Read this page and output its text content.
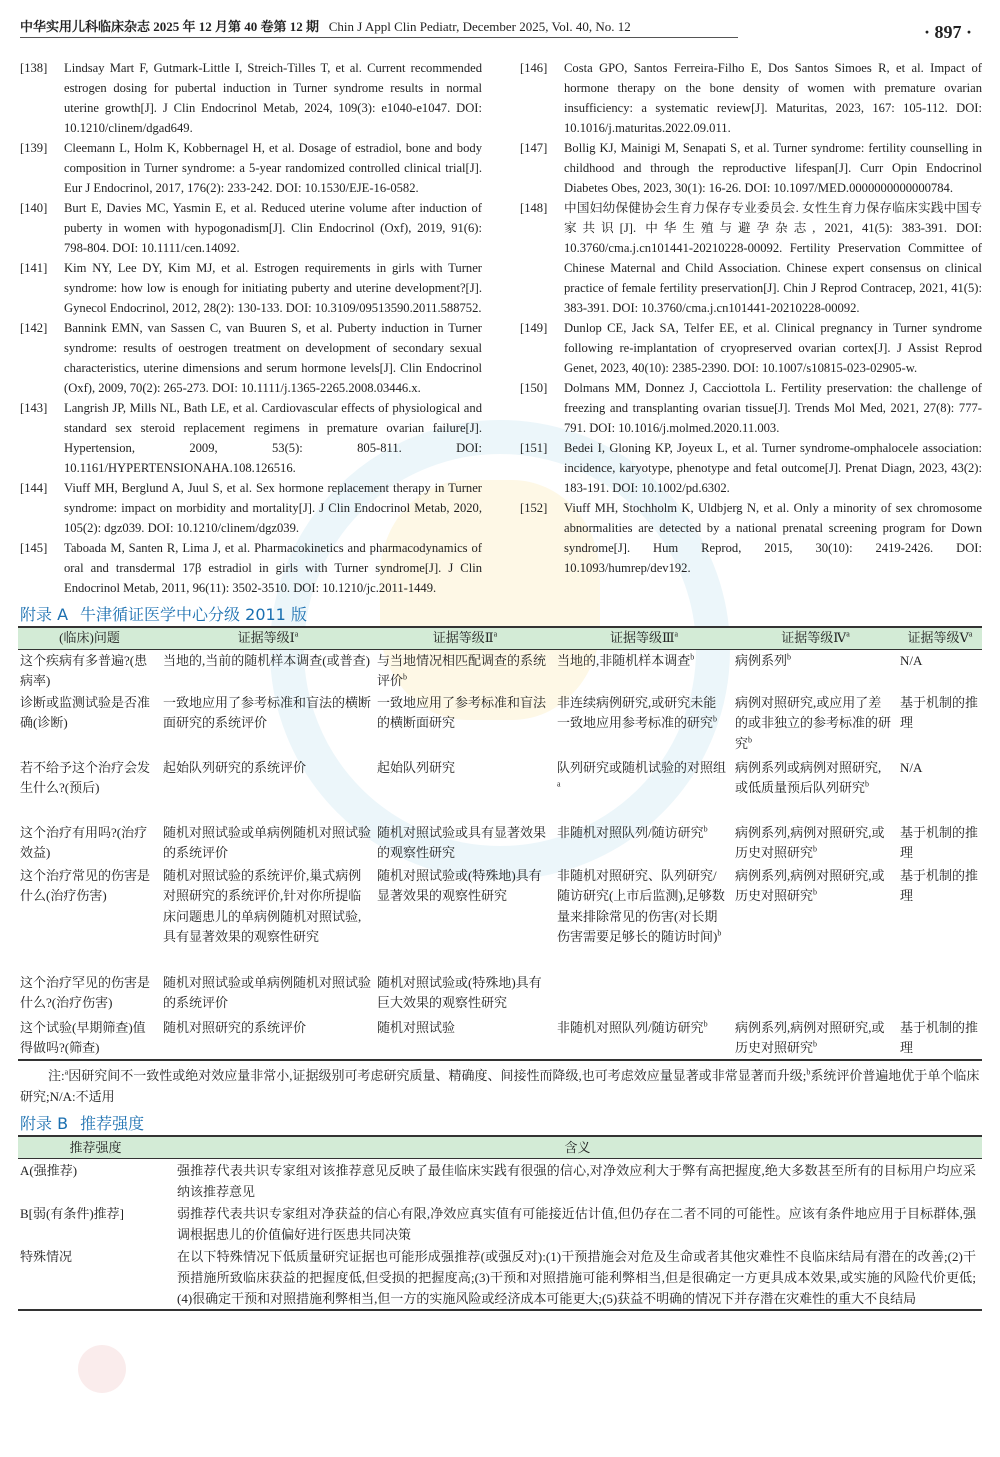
中华实用儿科临床杂志 2025 年 12 月第 40 卷第 12 期 Chin J Appl Clin Pediatr, December 2025, Vol. 40, No. 12	· 897 ·
[138]	Lindsay Mart F, Gutmark-Little I, Streich-Tilles T, et al. Current recommended estrogen dosing for pubertal induction in Turner syndrome results in normal uterine growth[J]. J Clin Endocrinol Metab, 2024, 109(3): e1040-e1047. DOI: 10.1210/clinem/dgad649.
[139]	Cleemann L, Holm K, Kobbernagel H, et al. Dosage of estradiol, bone and body composition in Turner syndrome: a 5-year randomized controlled clinical trial[J]. Eur J Endocrinol, 2017, 176(2): 233-242. DOI: 10.1530/EJE-16-0582.
[140]	Burt E, Davies MC, Yasmin E, et al. Reduced uterine volume after induction of puberty in women with hypogonadism[J]. Clin Endocrinol (Oxf), 2019, 91(6): 798-804. DOI: 10.1111/cen.14092.
[141]	Kim NY, Lee DY, Kim MJ, et al. Estrogen requirements in girls with Turner syndrome: how low is enough for initiating puberty and uterine development?[J]. Gynecol Endocrinol, 2012, 28(2): 130-133. DOI: 10.3109/09513590.2011.588752.
[142]	Bannink EMN, van Sassen C, van Buuren S, et al. Puberty induction in Turner syndrome: results of oestrogen treatment on development of secondary sexual characteristics, uterine dimensions and serum hormone levels[J]. Clin Endocrinol (Oxf), 2009, 70(2): 265-273. DOI: 10.1111/j.1365-2265.2008.03446.x.
[143]	Langrish JP, Mills NL, Bath LE, et al. Cardiovascular effects of physiological and standard sex steroid replacement regimens in premature ovarian failure[J]. Hypertension, 2009, 53(5): 805-811. DOI: 10.1161/HYPERTENSIONAHA.108.126516.
[144]	Viuff MH, Berglund A, Juul S, et al. Sex hormone replacement therapy in Turner syndrome: impact on morbidity and mortality[J]. J Clin Endocrinol Metab, 2020, 105(2): dgz039. DOI: 10.1210/clinem/dgz039.
[145]	Taboada M, Santen R, Lima J, et al. Pharmacokinetics and pharmacodynamics of oral and transdermal 17β estradiol in girls with Turner syndrome[J]. J Clin Endocrinol Metab, 2011, 96(11): 3502-3510. DOI: 10.1210/jc.2011-1449.
[146]	Costa GPO, Santos Ferreira-Filho E, Dos Santos Simoes R, et al. Impact of hormone therapy on the bone density of women with premature ovarian insufficiency: a systematic review[J]. Maturitas, 2023, 167: 105-112. DOI: 10.1016/j.maturitas.2022.09.011.
[147]	Bollig KJ, Mainigi M, Senapati S, et al. Turner syndrome: fertility counselling in childhood and through the reproductive lifespan[J]. Curr Opin Endocrinol Diabetes Obes, 2023, 30(1): 16-26. DOI: 10.1097/MED.0000000000000784.
[148]	中国妇幼保健协会生育力保存专业委员会. 女性生育力保存临床实践中国专家共识[J]. 中华生殖与避孕杂志, 2021, 41(5): 383-391. DOI: 10.3760/cma.j.cn101441-20210228-00092. Fertility Preservation Committee of Chinese Maternal and Child Association. Chinese expert consensus on clinical practice of female fertility preservation[J]. Chin J Reprod Contracep, 2021, 41(5): 383-391. DOI: 10.3760/cma.j.cn101441-20210228-00092.
[149]	Dunlop CE, Jack SA, Telfer EE, et al. Clinical pregnancy in Turner syndrome following re-implantation of cryopreserved ovarian cortex[J]. J Assist Reprod Genet, 2023, 40(10): 2385-2390. DOI: 10.1007/s10815-023-02905-w.
[150]	Dolmans MM, Donnez J, Cacciottola L. Fertility preservation: the challenge of freezing and transplanting ovarian tissue[J]. Trends Mol Med, 2021, 27(8): 777-791. DOI: 10.1016/j.molmed.2020.11.003.
[151]	Bedei I, Gloning KP, Joyeux L, et al. Turner syndrome-omphalocele association: incidence, karyotype, phenotype and fetal outcome[J]. Prenat Diagn, 2023, 43(2): 183-191. DOI: 10.1002/pd.6302.
[152]	Viuff MH, Stochholm K, Uldbjerg N, et al. Only a minority of sex chromosome abnormalities are detected by a national prenatal screening program for Down syndrome[J]. Hum Reprod, 2015, 30(10): 2419-2426. DOI: 10.1093/humrep/dev192.
附录 A 牛津循证医学中心分级 2011 版
(临床)问题	证据等级Ⅰ$^a$	证据等级Ⅱ$^a$	证据等级Ⅲ$^a$	证据等级Ⅳ$^a$	证据等级Ⅴ$^a$
这个疾病有多普遍?(患病率)	当地的,当前的随机样本调查(或普查)	与当地情况相匹配调查的系统评价$^b$	当地的,非随机样本调查$^b$	病例系列$^b$	N/A
诊断或监测试验是否准确(诊断)	一致地应用了参考标准和盲法的横断面研究的系统评价	一致地应用了参考标准和盲法的横断面研究	非连续病例研究,或研究未能一致地应用参考标准的研究$^b$	病例对照研究,或应用了差的或非独立的参考标准的研究$^b$	基于机制的推理
若不给予这个治疗会发生什么?(预后)	起始队列研究的系统评价	起始队列研究	队列研究或随机试验的对照组$^a$	病例系列或病例对照研究,或低质量预后队列研究$^b$	N/A
这个治疗有用吗?(治疗效益)	随机对照试验或单病例随机对照试验的系统评价	随机对照试验或具有显著效果的观察性研究	非随机对照队列/随访研究$^b$	病例系列,病例对照研究,或历史对照研究$^b$	基于机制的推理
这个治疗常见的伤害是什么(治疗伤害)	随机对照试验的系统评价,巢式病例对照研究的系统评价,针对你所提临床问题患儿的单病例随机对照试验,具有显著效果的观察性研究	随机对照试验或(特殊地)具有显著效果的观察性研究	非随机对照研究、队列研究/随访研究(上市后监测),足够数量来排除常见的伤害(对长期伤害需要足够长的随访时间)$^b$	病例系列,病例对照研究,或历史对照研究$^b$	基于机制的推理
这个治疗罕见的伤害是什么?(治疗伤害)	随机对照试验或单病例随机对照试验的系统评价	随机对照试验或(特殊地)具有巨大效果的观察性研究			
这个试验(早期筛查)值得做吗?(筛查)	随机对照研究的系统评价	随机对照试验	非随机对照队列/随访研究$^b$	病例系列,病例对照研究,或历史对照研究$^b$	基于机制的推理
注:$^a$因研究间不一致性或绝对效应量非常小,证据级别可考虑研究质量、精确度、间接性而降级,也可考虑效应量显著或非常显著而升级;$^b$系统评价普遍地优于单个临床研究;N/A:不适用
附录 B 推荐强度
推荐强度	含义
A(强推荐)	强推荐代表共识专家组对该推荐意见反映了最佳临床实践有很强的信心,对净效应利大于弊有高把握度,绝大多数甚至所有的目标用户均应采纳该推荐意见
B[弱(有条件)推荐]	弱推荐代表共识专家组对净获益的信心有限,净效应真实值有可能接近估计值,但仍存在二者不同的可能性。应该有条件地应用于目标群体,强调根据患儿的价值偏好进行医患共同决策
特殊情况	在以下特殊情况下低质量研究证据也可能形成强推荐(或强反对):(1)干预措施会对危及生命或者其他灾难性不良临床结局有潜在的改善;(2)干预措施所致临床获益的把握度低,但受损的把握度高;(3)干预和对照措施可能利弊相当,但是很确定一方更具成本效果,或实施的风险代价更低;(4)很确定干预和对照措施利弊相当,但一方的实施风险或经济成本可能更大;(5)获益不明确的情况下并存潜在灾难性的重大不良结局
